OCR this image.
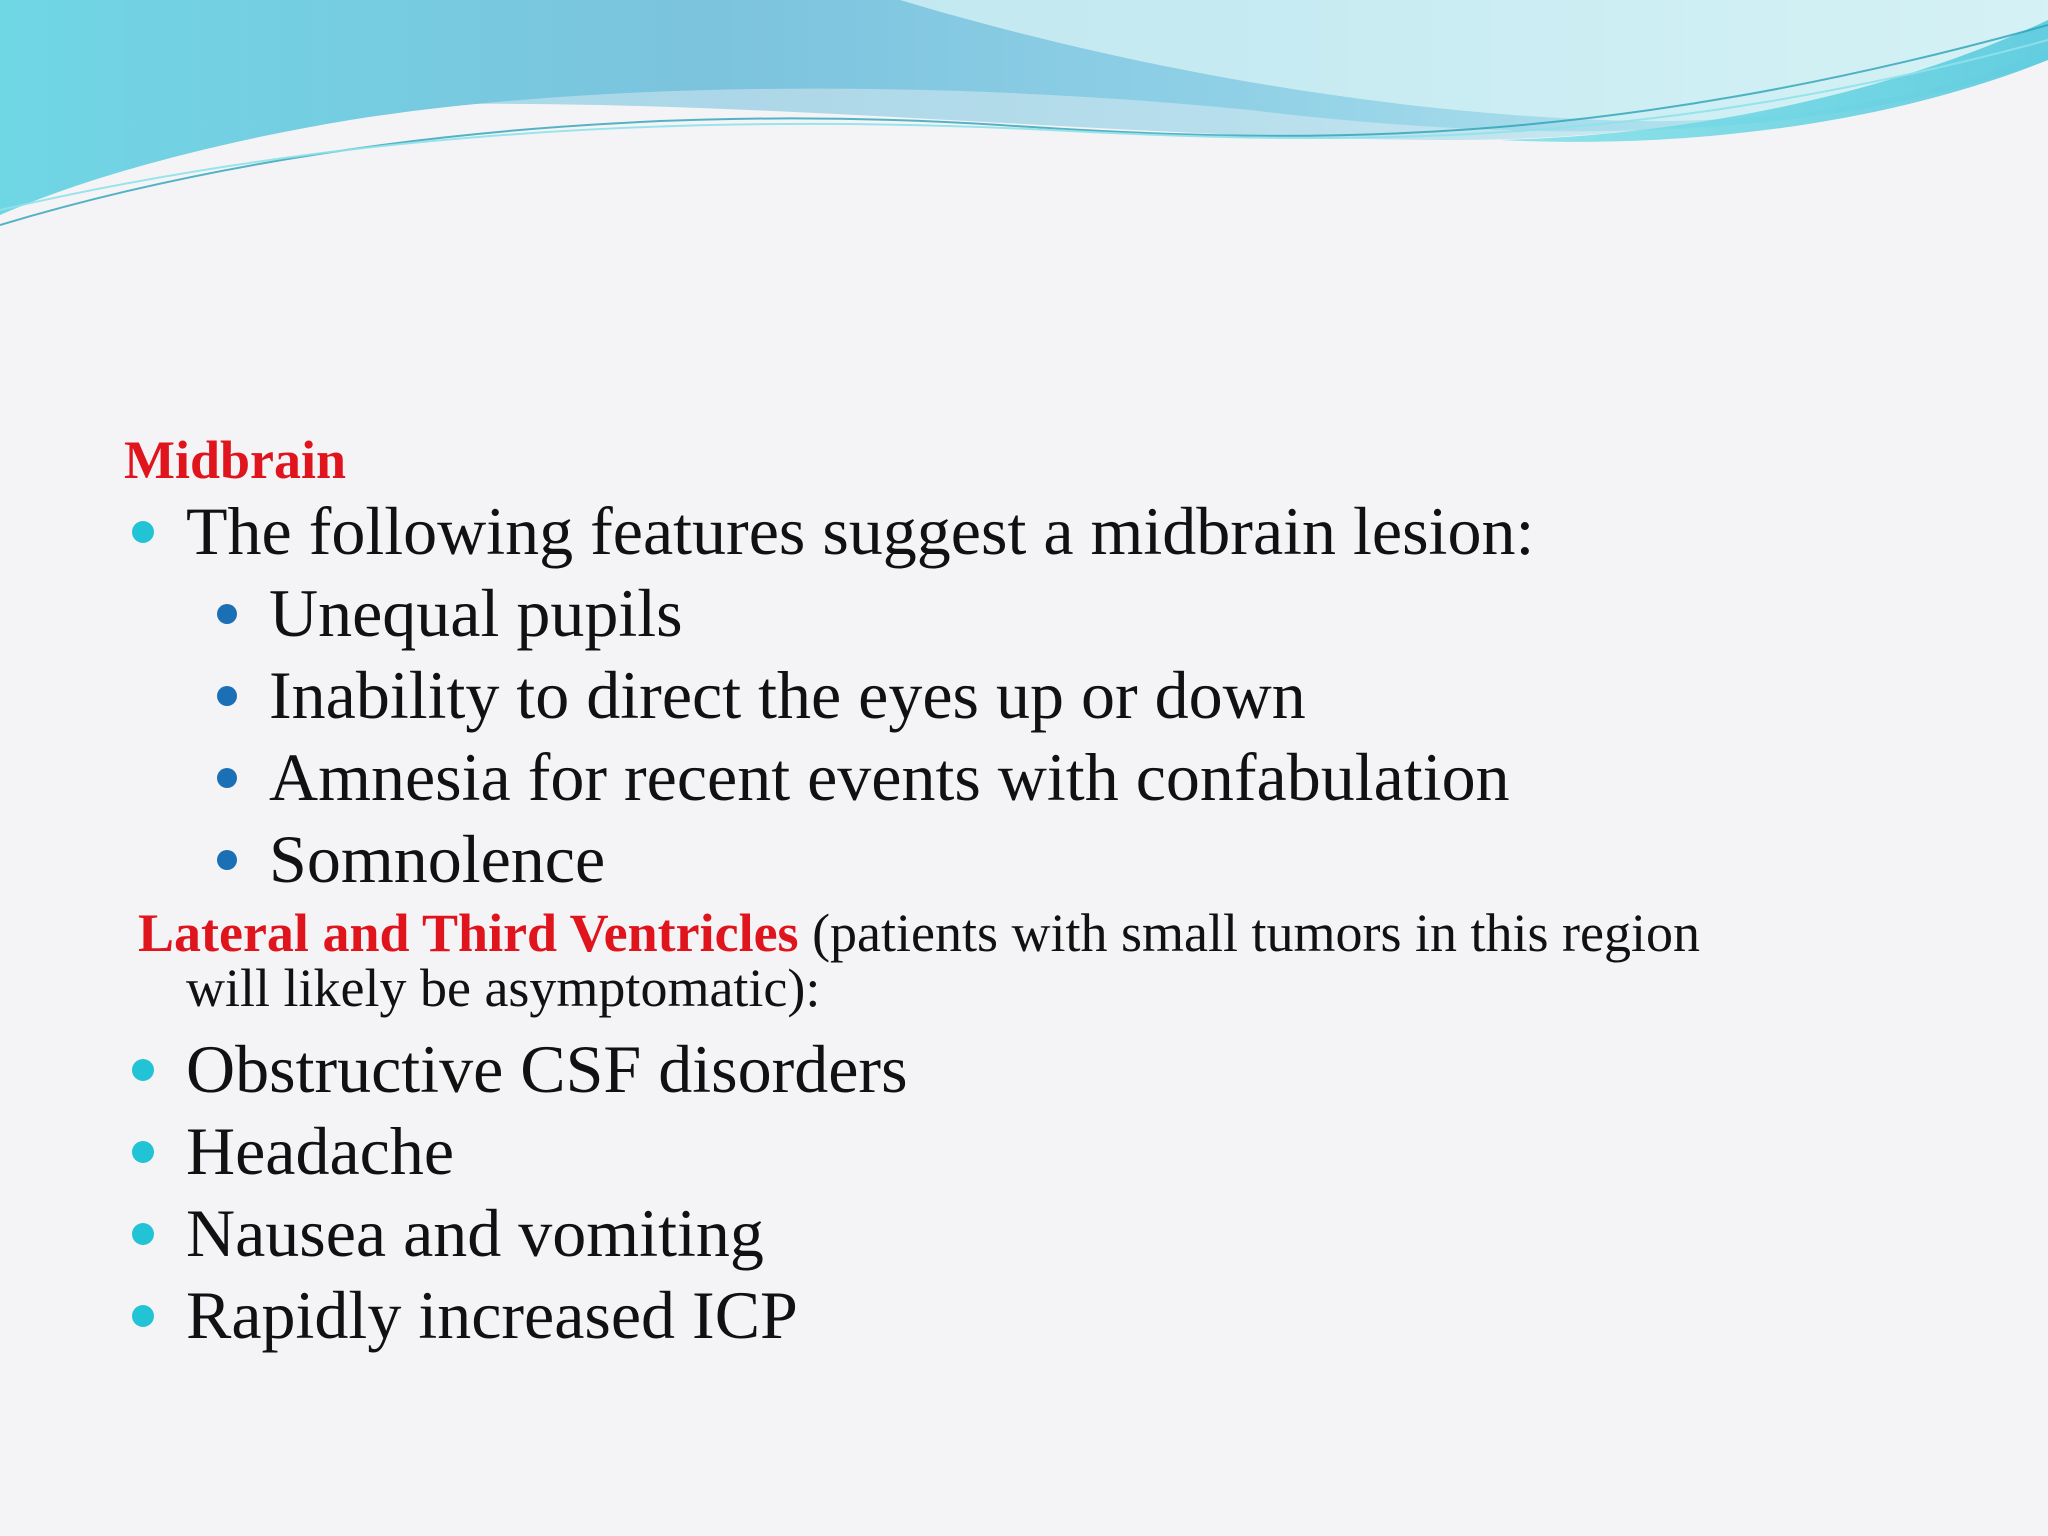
Midbrain
The following features suggest a midbrain lesion:
Unequal pupils
Inability to direct the eyes up or down
Amnesia for recent events with confabulation
Somnolence
Lateral and Third Ventricles (patients with small tumors in this region
will likely be asymptomatic):
Obstructive CSF disorders
Headache
Nausea and vomiting
Rapidly increased ICP
